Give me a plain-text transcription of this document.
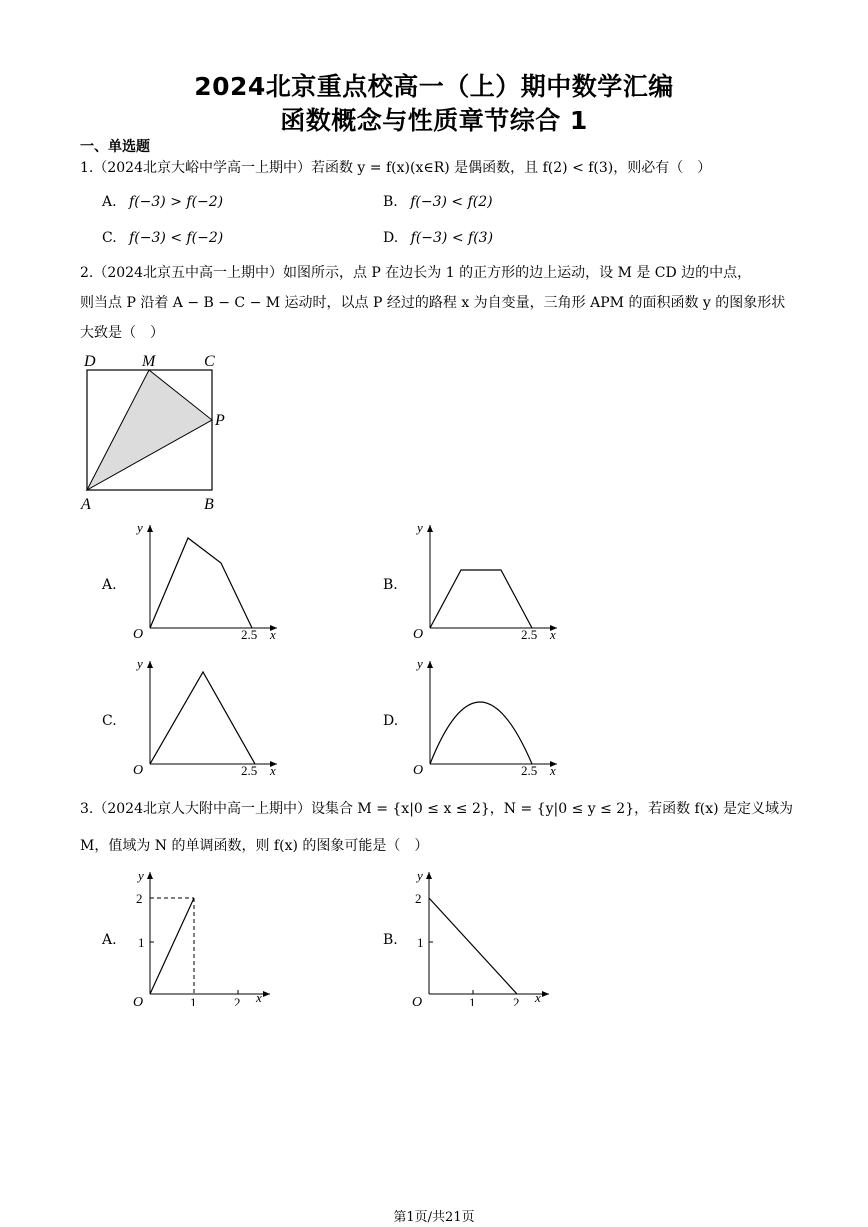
2024北京重点校高一（上）期中数学汇编
函数概念与性质章节综合 1
一、单选题
1.（2024北京大峪中学高一上期中）若函数 y = f(x)(x∈R) 是偶函数，且 f(2) < f(3)，则必有（　）
A. f(−3) > f(−2)	B. f(−3) < f(2)
C. f(−3) < f(−2)	D. f(−3) < f(3)
2.（2024北京五中高一上期中）如图所示，点 P 在边长为 1 的正方形的边上运动，设 M 是 CD 边的中点，
则当点 P 沿着 A − B − C − M 运动时，以点 P 经过的路程 x 为自变量，三角形 APM 的面积函数 y 的图象形状
大致是（　）
D	M	C
P
A	B
A.
O	2.5 x
y
B.
O	2.5 x
y
C.
O	2.5 x
y
D.
O	2.5 x
y
3.（2024北京人大附中高一上期中）设集合 M = {x|0 ≤ x ≤ 2}，N = {y|0 ≤ y ≤ 2}，若函数 f(x) 是定义域为
M，值域为 N 的单调函数，则 f(x) 的图象可能是（　）
A.
O	1	2
1
2
x
y
B.
O	1	2
1
2
x
y
第1页/共21页
